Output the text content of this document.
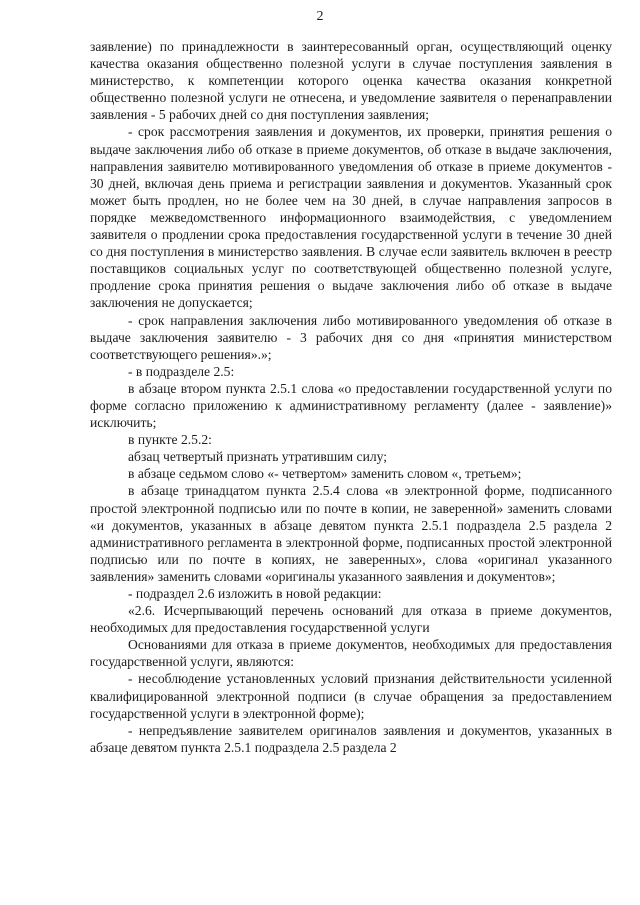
2

заявление) по принадлежности в заинтересованный орган, осуществляющий оценку качества оказания общественно полезной услуги в случае поступления заявления в министерство, к компетенции которого оценка качества оказания конкретной общественно полезной услуги не отнесена, и уведомление заявителя о перенаправлении заявления - 5 рабочих дней со дня поступления заявления;

- срок рассмотрения заявления и документов, их проверки, принятия решения о выдаче заключения либо об отказе в приеме документов, об отказе в выдаче заключения, направления заявителю мотивированного уведомления об отказе в приеме документов - 30 дней, включая день приема и регистрации заявления и документов. Указанный срок может быть продлен, но не более чем на 30 дней, в случае направления запросов в порядке межведомственного информационного взаимодействия, с уведомлением заявителя о продлении срока предоставления государственной услуги в течение 30 дней со дня поступления в министерство заявления. В случае если заявитель включен в реестр поставщиков социальных услуг по соответствующей общественно полезной услуге, продление срока принятия решения о выдаче заключения либо об отказе в выдаче заключения не допускается;

- срок направления заключения либо мотивированного уведомления об отказе в выдаче заключения заявителю - 3 рабочих дня со дня «принятия министерством соответствующего решения».»;

- в подразделе 2.5:

в абзаце втором пункта 2.5.1 слова «о предоставлении государственной услуги по форме согласно приложению к административному регламенту (далее - заявление)» исключить;

в пункте 2.5.2:

абзац четвертый признать утратившим силу;

в абзаце седьмом слово «- четвертом» заменить словом «, третьем»;

в абзаце тринадцатом пункта 2.5.4 слова «в электронной форме, подписанного простой электронной подписью или по почте в копии, не заверенной» заменить словами «и документов, указанных в абзаце девятом пункта 2.5.1 подраздела 2.5 раздела 2 административного регламента в электронной форме, подписанных простой электронной подписью или по почте в копиях, не заверенных», слова «оригинал указанного заявления» заменить словами «оригиналы указанного заявления и документов»;

- подраздел 2.6 изложить в новой редакции:

«2.6. Исчерпывающий перечень оснований для отказа в приеме документов, необходимых для предоставления государственной услуги

Основаниями для отказа в приеме документов, необходимых для предоставления государственной услуги, являются:

- несоблюдение установленных условий признания действительности усиленной квалифицированной электронной подписи (в случае обращения за предоставлением государственной услуги в электронной форме);

- непредъявление заявителем оригиналов заявления и документов, указанных в абзаце девятом пункта 2.5.1 подраздела 2.5 раздела 2
